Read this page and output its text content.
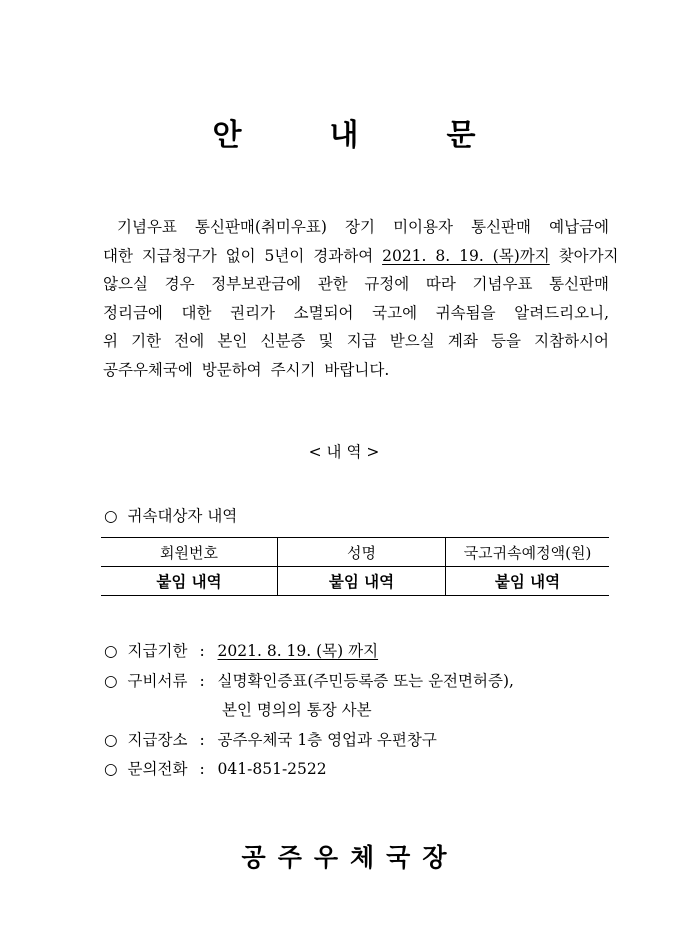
안	내	문
기념우표 통신판매(취미우표) 장기 미이용자 통신판매 예납금에
대한 지급청구가 없이 5년이 경과하여 2021. 8. 19. (목)까지 찾아가지
않으실 경우 정부보관금에 관한 규정에 따라 기념우표 통신판매
정리금에 대한 권리가 소멸되어 국고에 귀속됨을 알려드리오니,
위 기한 전에 본인 신분증 및 지급 받으실 계좌 등을 지참하시어
공주우체국에 방문하여 주시기 바랍니다.
< 내 역 >
○ 귀속대상자 내역
회원번호	성명	국고귀속예정액(원)
붙임 내역	붙임 내역	붙임 내역
○ 지급기한 : 2021. 8. 19. (목) 까지
○ 구비서류 : 실명확인증표(주민등록증 또는 운전면허증),
본인 명의의 통장 사본
○ 지급장소 : 공주우체국 1층 영업과 우편창구
○ 문의전화 : 041-851-2522
공 주 우 체 국 장
